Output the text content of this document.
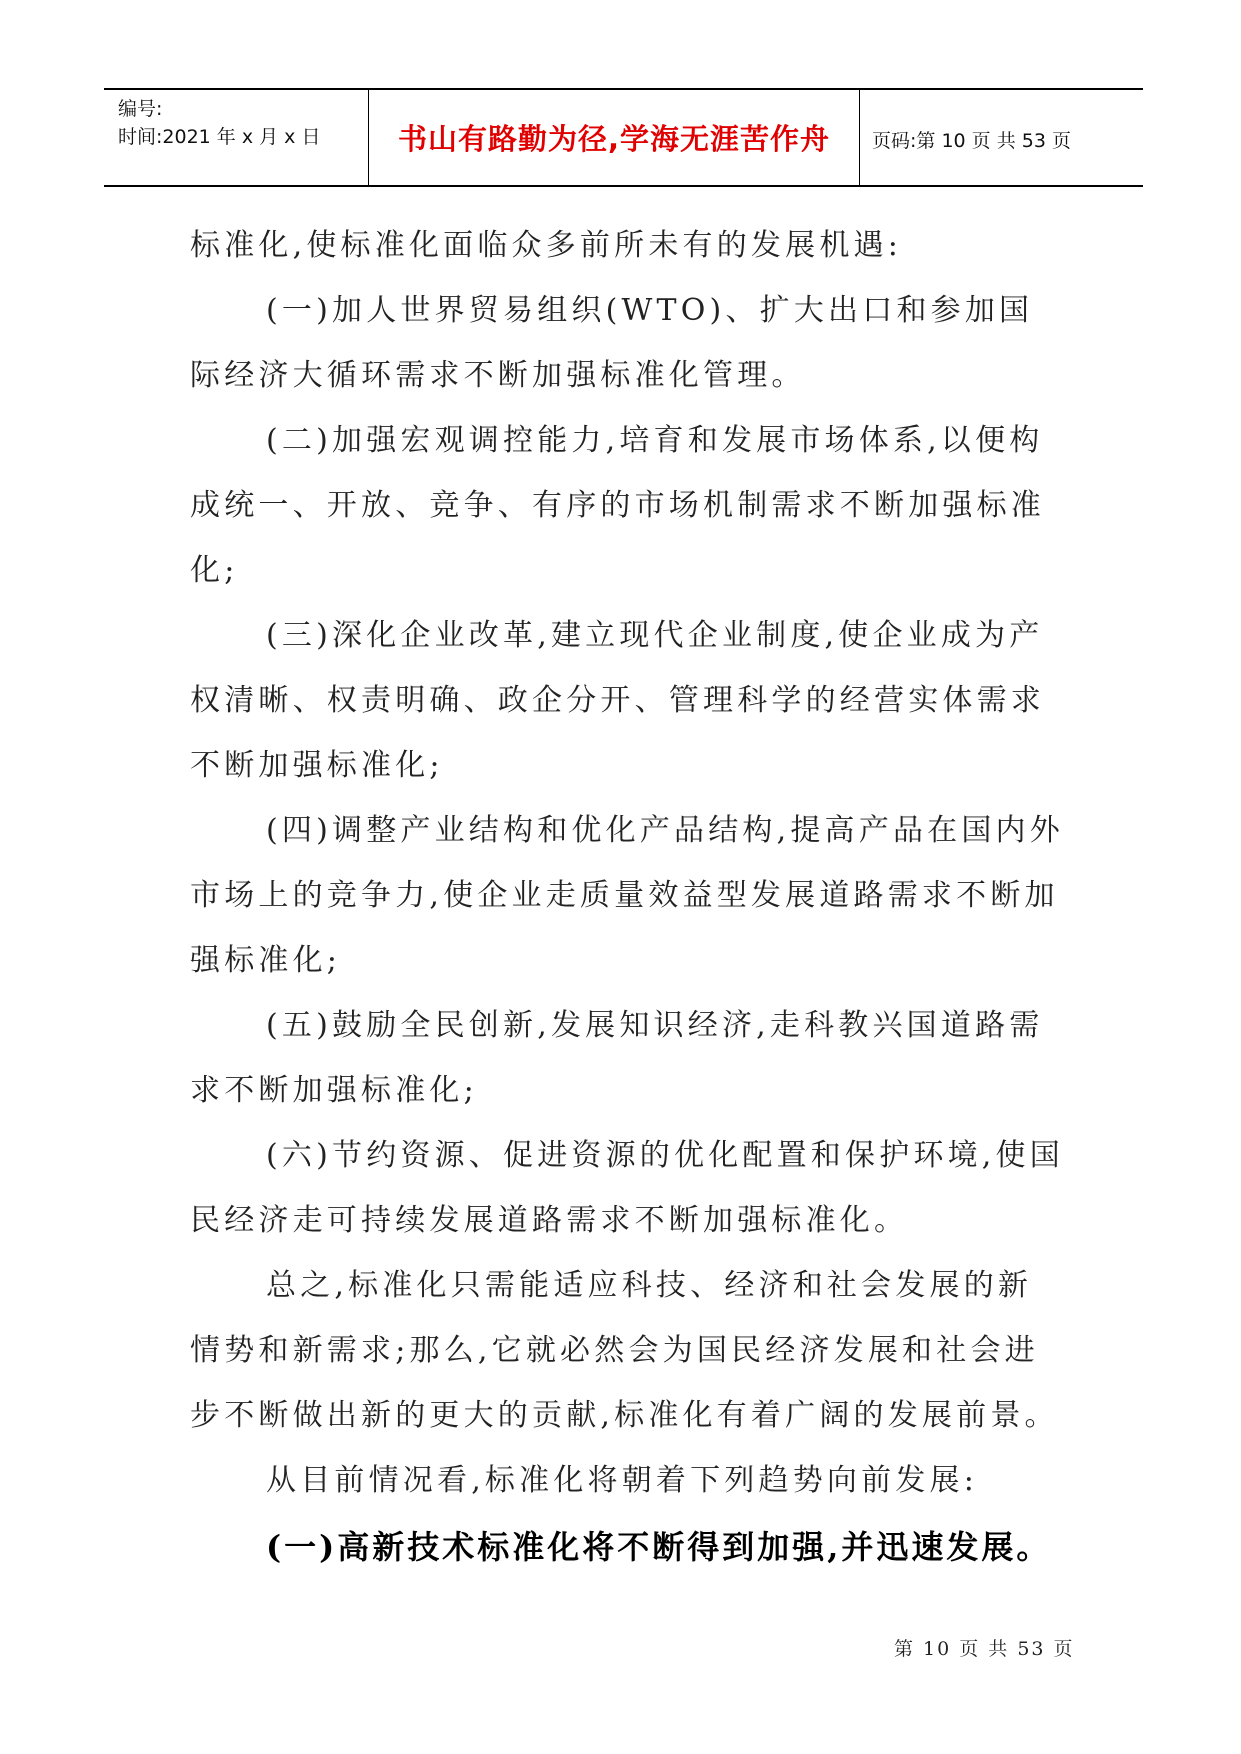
编号:
时间:2021 年 x 月 x 日	书山有路勤为径,学海无涯苦作舟	页码:第 10 页 共 53 页

标准化,使标准化面临众多前所未有的发展机遇:

(一)加人世界贸易组织(WTO)、扩大出口和参加国际经济大循环需求不断加强标准化管理。

(二)加强宏观调控能力,培育和发展市场体系,以便构成统一、开放、竞争、有序的市场机制需求不断加强标准化;

(三)深化企业改革,建立现代企业制度,使企业成为产权清晰、权责明确、政企分开、管理科学的经营实体需求不断加强标准化;

(四)调整产业结构和优化产品结构,提高产品在国内外市场上的竞争力,使企业走质量效益型发展道路需求不断加强标准化;

(五)鼓励全民创新,发展知识经济,走科教兴国道路需求不断加强标准化;

(六)节约资源、促进资源的优化配置和保护环境,使国民经济走可持续发展道路需求不断加强标准化。

总之,标准化只需能适应科技、经济和社会发展的新情势和新需求;那么,它就必然会为国民经济发展和社会进步不断做出新的更大的贡献,标准化有着广阔的发展前景。

从目前情况看,标准化将朝着下列趋势向前发展:

(一)高新技术标准化将不断得到加强,并迅速发展。

第 10 页 共 53 页
